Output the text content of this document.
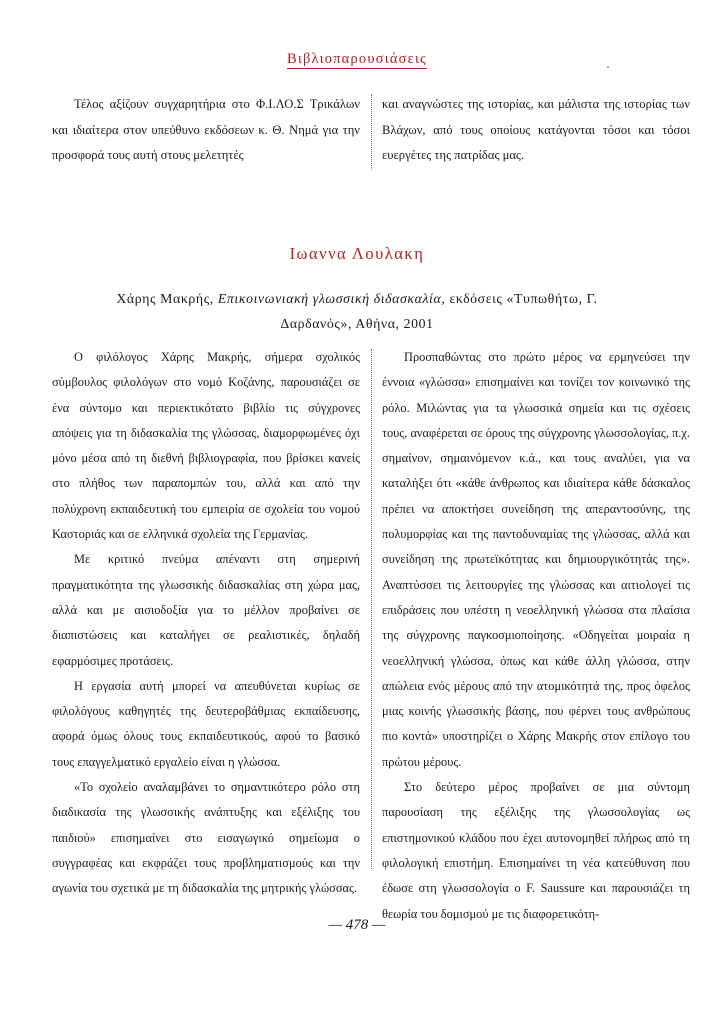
Βιβλιοπαρουσιάσεις

Τέλος αξίζουν συγχαρητήρια στο Φ.Ι.ΛΟ.Σ Τρικάλων και ιδιαίτερα στον υπεύθυνο εκδόσεων κ. Θ. Νημά για την προσφορά τους αυτή στους μελετητές

και αναγνώστες της ιστορίας, και μάλιστα της ιστορίας των Βλάχων, από τους οποίους κατάγονται τόσοι και τόσοι ευεργέτες της πατρίδας μας.

Ιωαννα Λουλακη
Χάρης Μακρής, Επικοινωνιακή γλωσσική διδασκαλία, εκδόσεις «Τυπωθήτω, Γ. Δαρδανός», Αθήνα, 2001

Ο φιλόλογος Χάρης Μακρής, σήμερα σχολικός σύμβουλος φιλολόγων στο νομό Κοζάνης, παρουσιάζει σε ένα σύντομο και περιεκτικότατο βιβλίο τις σύγχρονες απόψεις για τη διδασκαλία της γλώσσας, διαμορφωμένες όχι μόνο μέσα από τη διεθνή βιβλιογραφία, που βρίσκει κανείς στο πλήθος των παραπομπών του, αλλά και από την πολύχρονη εκπαιδευτική του εμπειρία σε σχολεία του νομού Καστοριάς και σε ελληνικά σχολεία της Γερμανίας.

Με κριτικό πνεύμα απέναντι στη σημερινή πραγματικότητα της γλωσσικής διδασκαλίας στη χώρα μας, αλλά και με αισιοδοξία για το μέλλον προβαίνει σε διαπιστώσεις και καταλήγει σε ρεαλιστικές, δηλαδή εφαρμόσιμες προτάσεις.

Η εργασία αυτή μπορεί να απευθύνεται κυρίως σε φιλολόγους καθηγητές της δευτεροβάθμιας εκπαίδευσης, αφορά όμως όλους τους εκπαιδευτικούς, αφού το βασικό τους επαγγελματικό εργαλείο είναι η γλώσσα.

«Το σχολείο αναλαμβάνει το σημαντικότερο ρόλο στη διαδικασία της γλωσσικής ανάπτυξης και εξέλιξης του παιδιού» επισημαίνει στο εισαγωγικό σημείωμα ο συγγραφέας και εκφράζει τους προβληματισμούς και την αγωνία του σχετικά με τη διδασκαλία της μητρικής γλώσσας.

Προσπαθώντας στο πρώτο μέρος να ερμηνεύσει την έννοια «γλώσσα» επισημαίνει και τονίζει τον κοινωνικό της ρόλο. Μιλώντας για τα γλωσσικά σημεία και τις σχέσεις τους, αναφέρεται σε όρους της σύγχρονης γλωσσολογίας, π.χ. σημαίνον, σημαινόμενον κ.ά., και τους αναλύει, για να καταλήξει ότι «κάθε άνθρωπος και ιδιαίτερα κάθε δάσκαλος πρέπει να αποκτήσει συνείδηση της απεραντοσύνης, της πολυμορφίας και της παντοδυναμίας της γλώσσας, αλλά και συνείδηση της πρωτεϊκότητας και δημιουργικότητάς της». Αναπτύσσει τις λειτουργίες της γλώσσας και αιτιολογεί τις επιδράσεις που υπέστη η νεοελληνική γλώσσα στα πλαίσια της σύγχρονης παγκοσμιοποίησης. «Οδηγείται μοιραία η νεοελληνική γλώσσα, όπως και κάθε άλλη γλώσσα, στην απώλεια ενός μέρους από την ατομικότητά της, προς όφελος μιας κοινής γλωσσικής βάσης, που φέρνει τους ανθρώπους πιο κοντά» υποστηρίζει ο Χάρης Μακρής στον επίλογο του πρώτου μέρους.

Στο δεύτερο μέρος προβαίνει σε μια σύντομη παρουσίαση της εξέλιξης της γλωσσολογίας ως επιστημονικού κλάδου που έχει αυτονομηθεί πλήρως από τη φιλολογική επιστήμη. Επισημαίνει τη νέα κατεύθυνση που έδωσε στη γλωσσολογία ο F. Saussure και παρουσιάζει τη θεωρία του δομισμού με τις διαφορετικότη-

— 478 —
